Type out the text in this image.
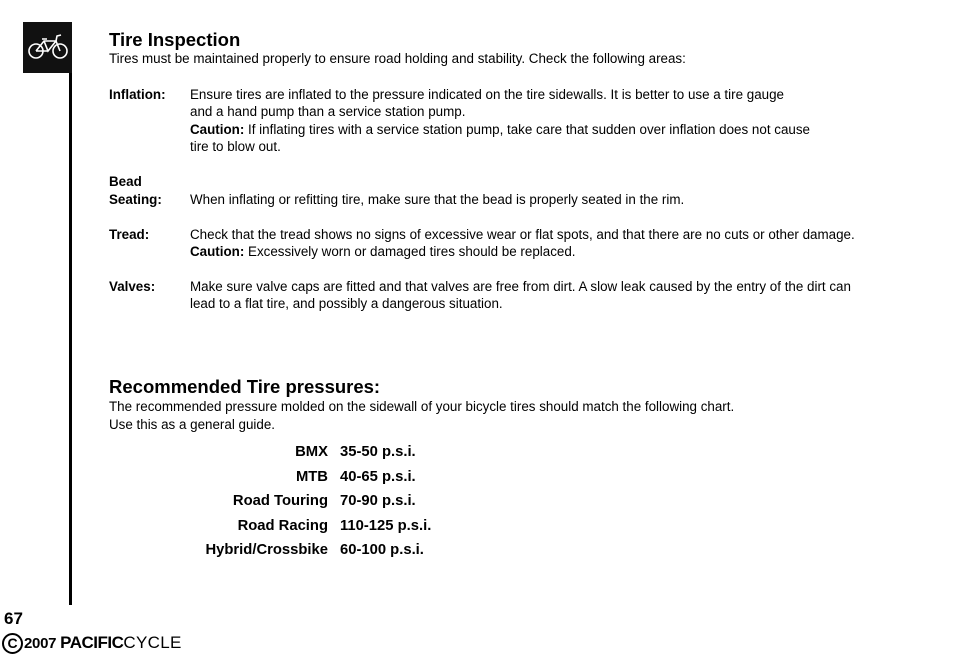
Tire Inspection
Tires must be maintained properly to ensure road holding and stability. Check the following areas:
Inflation: Ensure tires are inflated to the pressure indicated on the tire sidewalls. It is better to use a tire gauge
and a hand pump than a service station pump.
Caution: If inflating tires with a service station pump, take care that sudden over inflation does not cause
tire to blow out.
Bead
Seating: When inflating or refitting tire, make sure that the bead is properly seated in the rim.
Tread:	Check that the tread shows no signs of excessive wear or flat spots, and that there are no cuts or other damage.
Caution: Excessively worn or damaged tires should be replaced.
Valves:	Make sure valve caps are fitted and that valves are free from dirt. A slow leak caused by the entry of the dirt can
lead to a flat tire, and possibly a dangerous situation.
Recommended Tire pressures:
The recommended pressure molded on the sidewall of your bicycle tires should match the following chart.
Use this as a general guide.
BMX 35-50 p.s.i.
MTB 40-65 p.s.i.
Road Touring 70-90 p.s.i.
Road Racing 110-125 p.s.i.
Hybrid/Crossbike 60-100 p.s.i.
67
C 2007 PACIFIC CYCLE
